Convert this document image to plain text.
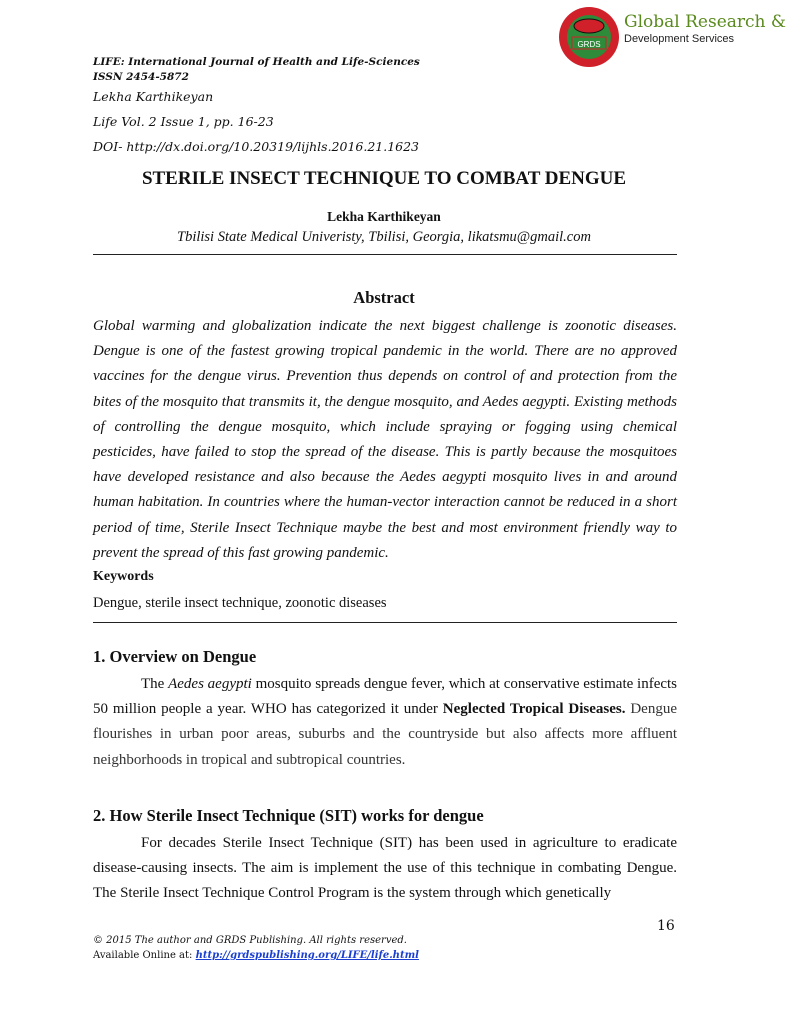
LIFE: International Journal of Health and Life-Sciences
ISSN 2454-5872
Lekha Karthikeyan
Life Vol. 2 Issue 1, pp. 16-23
DOI- http://dx.doi.org/10.20319/lijhls.2016.21.1623
GRDS
Global Research &
Development Services
STERILE INSECT TECHNIQUE TO COMBAT DENGUE
Lekha Karthikeyan
Tbilisi State Medical Univeristy, Tbilisi, Georgia, likatsmu@gmail.com
Abstract
Global warming and globalization indicate the next biggest challenge is zoonotic diseases. Dengue is one of the fastest growing tropical pandemic in the world. There are no approved vaccines for the dengue virus. Prevention thus depends on control of and protection from the bites of the mosquito that transmits it, the dengue mosquito, and Aedes aegypti. Existing methods of controlling the dengue mosquito, which include spraying or fogging using chemical pesticides, have failed to stop the spread of the disease. This is partly because the mosquitoes have developed resistance and also because the Aedes aegypti mosquito lives in and around human habitation. In countries where the human-vector interaction cannot be reduced in a short period of time, Sterile Insect Technique maybe the best and most environment friendly way to prevent the spread of this fast growing pandemic.
Keywords
Dengue, sterile insect technique, zoonotic diseases
1. Overview on Dengue
The Aedes aegypti mosquito spreads dengue fever, which at conservative estimate infects 50 million people a year. WHO has categorized it under Neglected Tropical Diseases. Dengue flourishes in urban poor areas, suburbs and the countryside but also affects more affluent neighborhoods in tropical and subtropical countries.
2. How Sterile Insect Technique (SIT) works for dengue
For decades Sterile Insect Technique (SIT) has been used in agriculture to eradicate disease-causing insects. The aim is implement the use of this technique in combating Dengue. The Sterile Insect Technique Control Program is the system through which genetically
16
© 2015 The author and GRDS Publishing. All rights reserved.
Available Online at: http://grdspublishing.org/LIFE/life.html
